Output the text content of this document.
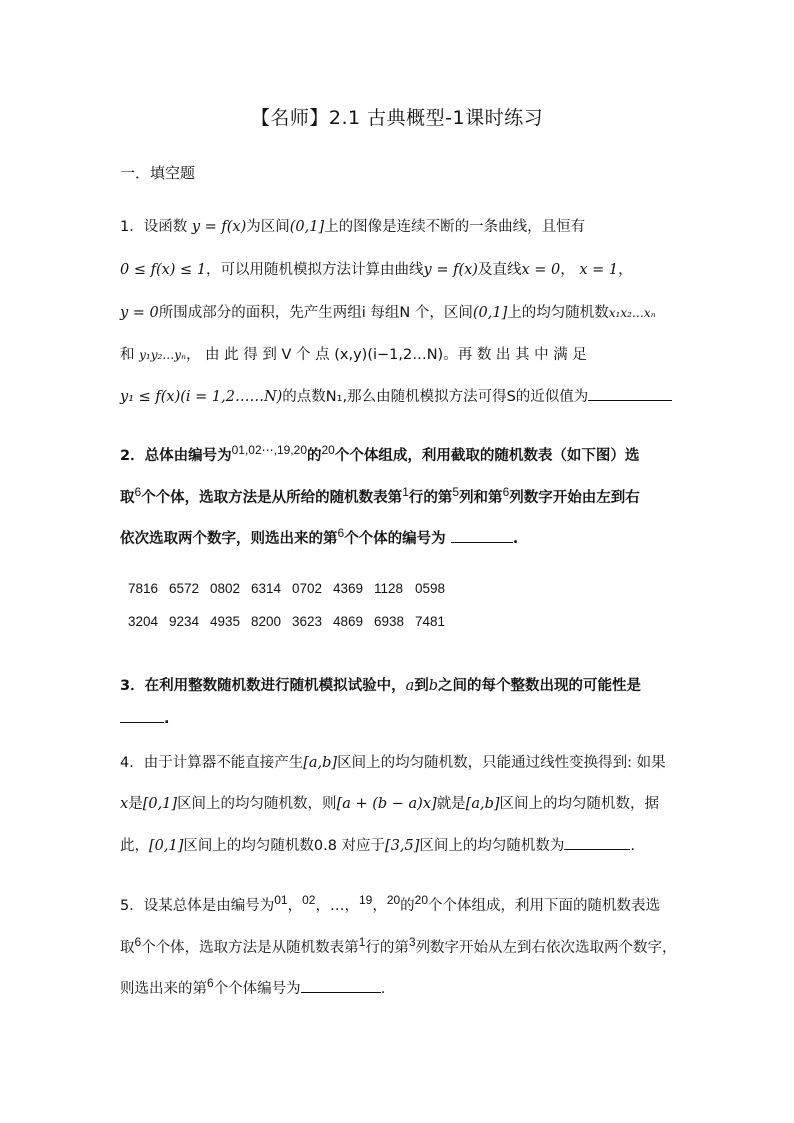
【名师】2.1 古典概型-1课时练习
一．填空题
1．设函数 y = f(x)为区间(0,1]上的图像是连续不断的一条曲线，且恒有
0 ≤ f(x) ≤ 1，可以用随机模拟方法计算由曲线y = f(x)及直线x = 0， x = 1，
y = 0所围成部分的面积，先产生两组i 每组N 个，区间(0,1]上的均匀随机数x₁x₂…xₙ
和 y₁y₂…yₙ， 由 此 得 到 V 个 点 (x,y)(i−1,2…N)。再 数 出 其 中 满 足
y₁ ≤ f(x)(i = 1,2……N)的点数N₁,那么由随机模拟方法可得S的近似值为
2．总体由编号为$^{01,02\cdots,19,20}$的$^{20}$个个体组成，利用截取的随机数表（如下图）选
取$^6$个个体，选取方法是从所给的随机数表第$^1$行的第$^5$列和第$^6$列数字开始由左到右
依次选取两个数字，则选出来的第$^6$个个体的编号为	.
7816 6572 0802 6314 0702 4369 1128 0598
3204 9234 4935 8200 3623 4869 6938 7481
3．在利用整数随机数进行随机模拟试验中，a到b之间的每个整数出现的可能性是
.
4．由于计算器不能直接产生[a,b]区间上的均匀随机数，只能通过线性变换得到: 如果
x是[0,1]区间上的均匀随机数，则[a + (b − a)x]就是[a,b]区间上的均匀随机数，据
此，[0,1]区间上的均匀随机数0.8 对应于[3,5]区间上的均匀随机数为	.
5．设某总体是由编号为$^{01}$，$^{02}$，…，$^{19}$，$^{20}$的$^{20}$个个体组成，利用下面的随机数表选
取$^6$个个体，选取方法是从随机数表第$^1$行的第$^3$列数字开始从左到右依次选取两个数字，
则选出来的第$^6$个个体编号为	.
